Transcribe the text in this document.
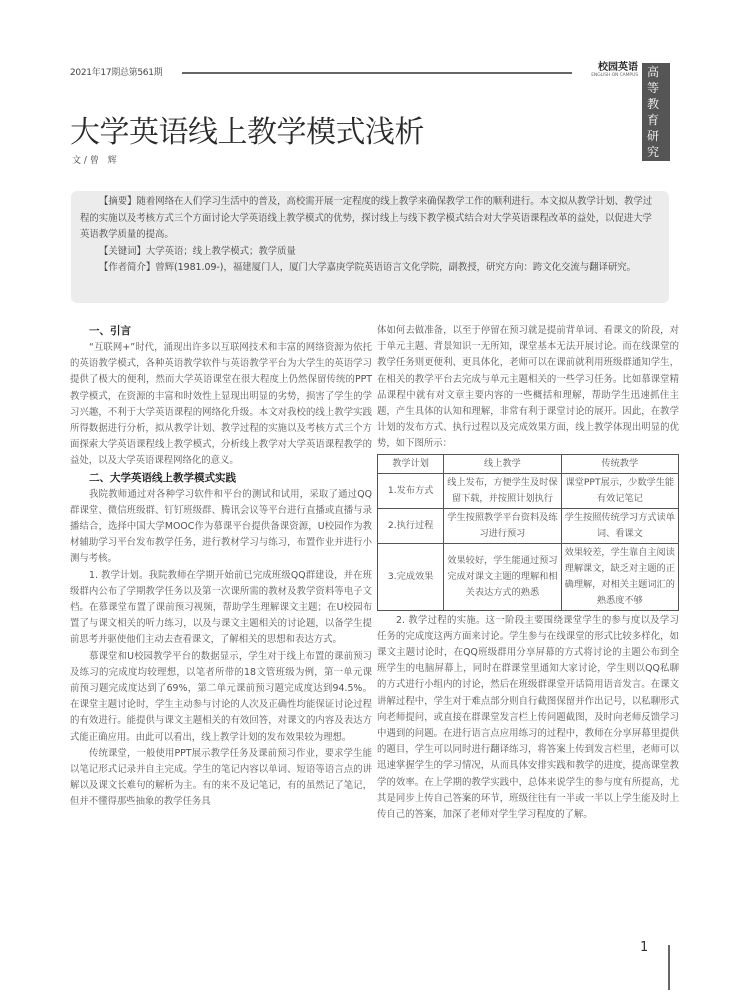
2021年17期总第561期	校园英语
ENGLISH ON CAMPUS 高等教育研究
大学英语线上教学模式浅析
文 / 曾　辉

【摘要】随着网络在人们学习生活中的普及，高校需开展一定程度的线上教学来确保教学工作的顺利进行。本文拟从教学计划、教学过程的实施以及考核方式三个方面讨论大学英语线上教学模式的优势，探讨线上与线下教学模式结合对大学英语课程改革的益处，以促进大学英语教学质量的提高。

【关键词】大学英语；线上教学模式；教学质量

【作者简介】曾辉(1981.09-)，福建厦门人，厦门大学嘉庚学院英语语言文化学院，副教授，研究方向：跨文化交流与翻译研究。

一、引言

“互联网+”时代，涌现出许多以互联网技术和丰富的网络资源为依托的英语教学模式，各种英语教学软件与英语教学平台为大学生的英语学习提供了极大的便利，然而大学英语课堂在很大程度上仍然保留传统的PPT教学模式，在资源的丰富和时效性上显现出明显的劣势，损害了学生的学习兴趣，不利于大学英语课程的网络化升级。本文对我校的线上教学实践所得数据进行分析，拟从教学计划、教学过程的实施以及考核方式三个方面探索大学英语课程线上教学模式，分析线上教学对大学英语课程教学的益处，以及大学英语课程网络化的意义。

二、大学英语线上教学模式实践

我院教师通过对各种学习软件和平台的测试和试用，采取了通过QQ群课堂、微信班级群、钉钉班级群、腾讯会议等平台进行直播或直播与录播结合，选择中国大学MOOC作为慕课平台提供备课资源，U校园作为教材辅助学习平台发布教学任务，进行教材学习与练习，布置作业并进行小测与考核。

1. 教学计划。我院教师在学期开始前已完成班级QQ群建设，并在班级群内公布了学期教学任务以及第一次课所需的教材及教学资料等电子文档。在慕课堂布置了课前预习视频，帮助学生理解课文主题；在U校园布置了与课文相关的听力练习，以及与课文主题相关的讨论题，以备学生提前思考并驱使他们主动去查看课文，了解相关的思想和表达方式。

慕课堂和U校园教学平台的数据显示，学生对于线上布置的课前预习及练习的完成度均较理想，以笔者所带的18文管班级为例，第一单元课前预习题完成度达到了69%，第二单元课前预习题完成度达到94.5%。在课堂主题讨论时，学生主动参与讨论的人次及正确性均能保证讨论过程的有效进行。能提供与课文主题相关的有效回答，对课文的内容及表达方式能正确应用。由此可以看出，线上教学计划的发布效果较为理想。

传统课堂，一般使用PPT展示教学任务及课前预习作业，要求学生能以笔记形式记录并自主完成。学生的笔记内容以单词、短语等语言点的讲解以及课文长难句的解析为主。有的来不及记笔记，有的虽然记了笔记，但并不懂得那些抽象的教学任务具

体如何去做准备，以至于停留在预习就是提前背单词、看课文的阶段，对于单元主题、背景知识一无所知，课堂基本无法开展讨论。而在线课堂的教学任务则更便利、更具体化，老师可以在课前就利用班级群通知学生，在相关的教学平台去完成与单元主题相关的一些学习任务。比如慕课堂精品课程中就有对文章主要内容的一些概括和理解，帮助学生迅速抓住主题，产生具体的认知和理解，非常有利于课堂讨论的展开。因此，在教学计划的发布方式、执行过程以及完成效果方面，线上教学体现出明显的优势，如下图所示：

教学计划	线上教学	传统教学
1.发布方式	线上发布，方便学生及时保留下载，并按照计划执行	课堂PPT展示，少数学生能有效记笔记
2.执行过程	学生按照教学平台资料及练习进行预习	学生按照传统学习方式读单词、看课文
3.完成效果	效果较好，学生能通过预习完成对课文主题的理解和相关表达方式的熟悉	效果较差，学生靠自主阅读理解课文，缺乏对主题的正确理解，对相关主题词汇的熟悉度不够

2. 教学过程的实施。这一阶段主要围绕课堂学生的参与度以及学习任务的完成度这两方面来讨论。学生参与在线课堂的形式比较多样化，如课文主题讨论时，在QQ班级群用分享屏幕的方式将讨论的主题公布到全班学生的电脑屏幕上，同时在群课堂里通知大家讨论，学生则以QQ私聊的方式进行小组内的讨论，然后在班级群课堂开话筒用语音发言。在课文讲解过程中，学生对于难点部分则自行截图保留并作出记号，以私聊形式向老师提问，或直接在群课堂发言栏上传问题截图，及时向老师反馈学习中遇到的问题。在进行语言点应用练习的过程中，教师在分享屏幕里提供的题目，学生可以同时进行翻译练习，将答案上传到发言栏里，老师可以迅速掌握学生的学习情况，从而具体安排实践和教学的进度，提高课堂教学的效率。在上学期的教学实践中，总体来说学生的参与度有所提高，尤其是同步上传自己答案的环节，班级往往有一半或一半以上学生能及时上传自己的答案，加深了老师对学生学习程度的了解。

1
